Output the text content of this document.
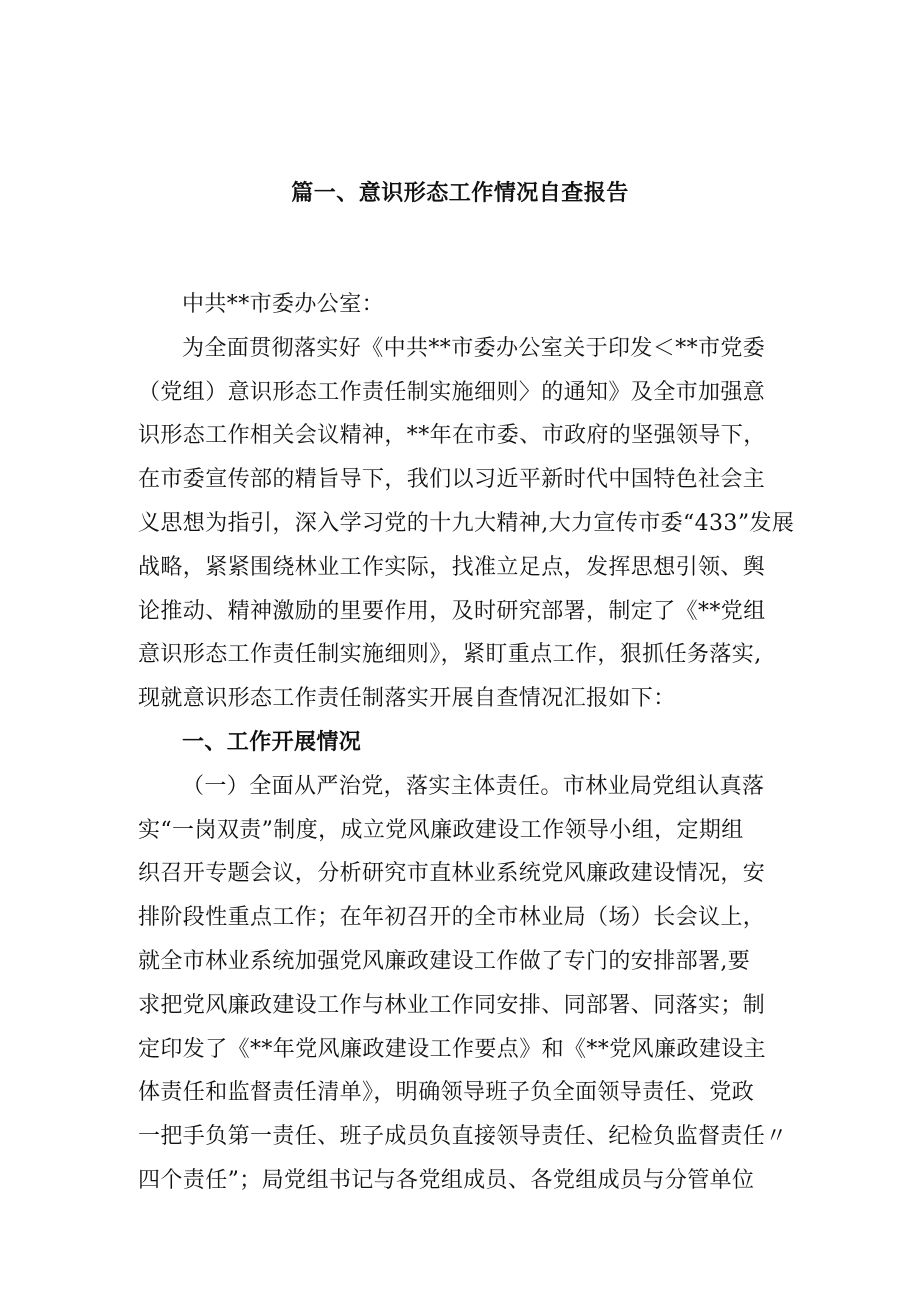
篇一、意识形态工作情况自查报告
中共**市委办公室：
为全面贯彻落实好《中共**市委办公室关于印发＜**市党委
（党组）意识形态工作责任制实施细则〉的通知》及全市加强意
识形态工作相关会议精神，**年在市委、市政府的坚强领导下，
在市委宣传部的精旨导下，我们以习近平新时代中国特色社会主
义思想为指引，深入学习党的十九大精神,大力宣传市委“433”发展
战略，紧紧围绕林业工作实际，找准立足点，发挥思想引领、舆
论推动、精神激励的里要作用，及时研究部署，制定了《**党组
意识形态工作责任制实施细则》，紧盯重点工作，狠抓任务落实,
现就意识形态工作责任制落实开展自查情况汇报如下：
一、工作开展情况
（一）全面从严治党，落实主体责任。市林业局党组认真落
实“一岗双责”制度，成立党风廉政建设工作领导小组，定期组
织召开专题会议，分析研究市直林业系统党风廉政建设情况，安
排阶段性重点工作；在年初召开的全市林业局（场）长会议上，
就全市林业系统加强党风廉政建设工作做了专门的安排部署,要
求把党风廉政建设工作与林业工作同安排、同部署、同落实；制
定印发了《**年党风廉政建设工作要点》和《**党风廉政建设主
体责任和监督责任清单》，明确领导班子负全面领导责任、党政
一把手负第一责任、班子成员负直接领导责任、纪检负监督责任〃
四个责任”；局党组书记与各党组成员、各党组成员与分管单位
